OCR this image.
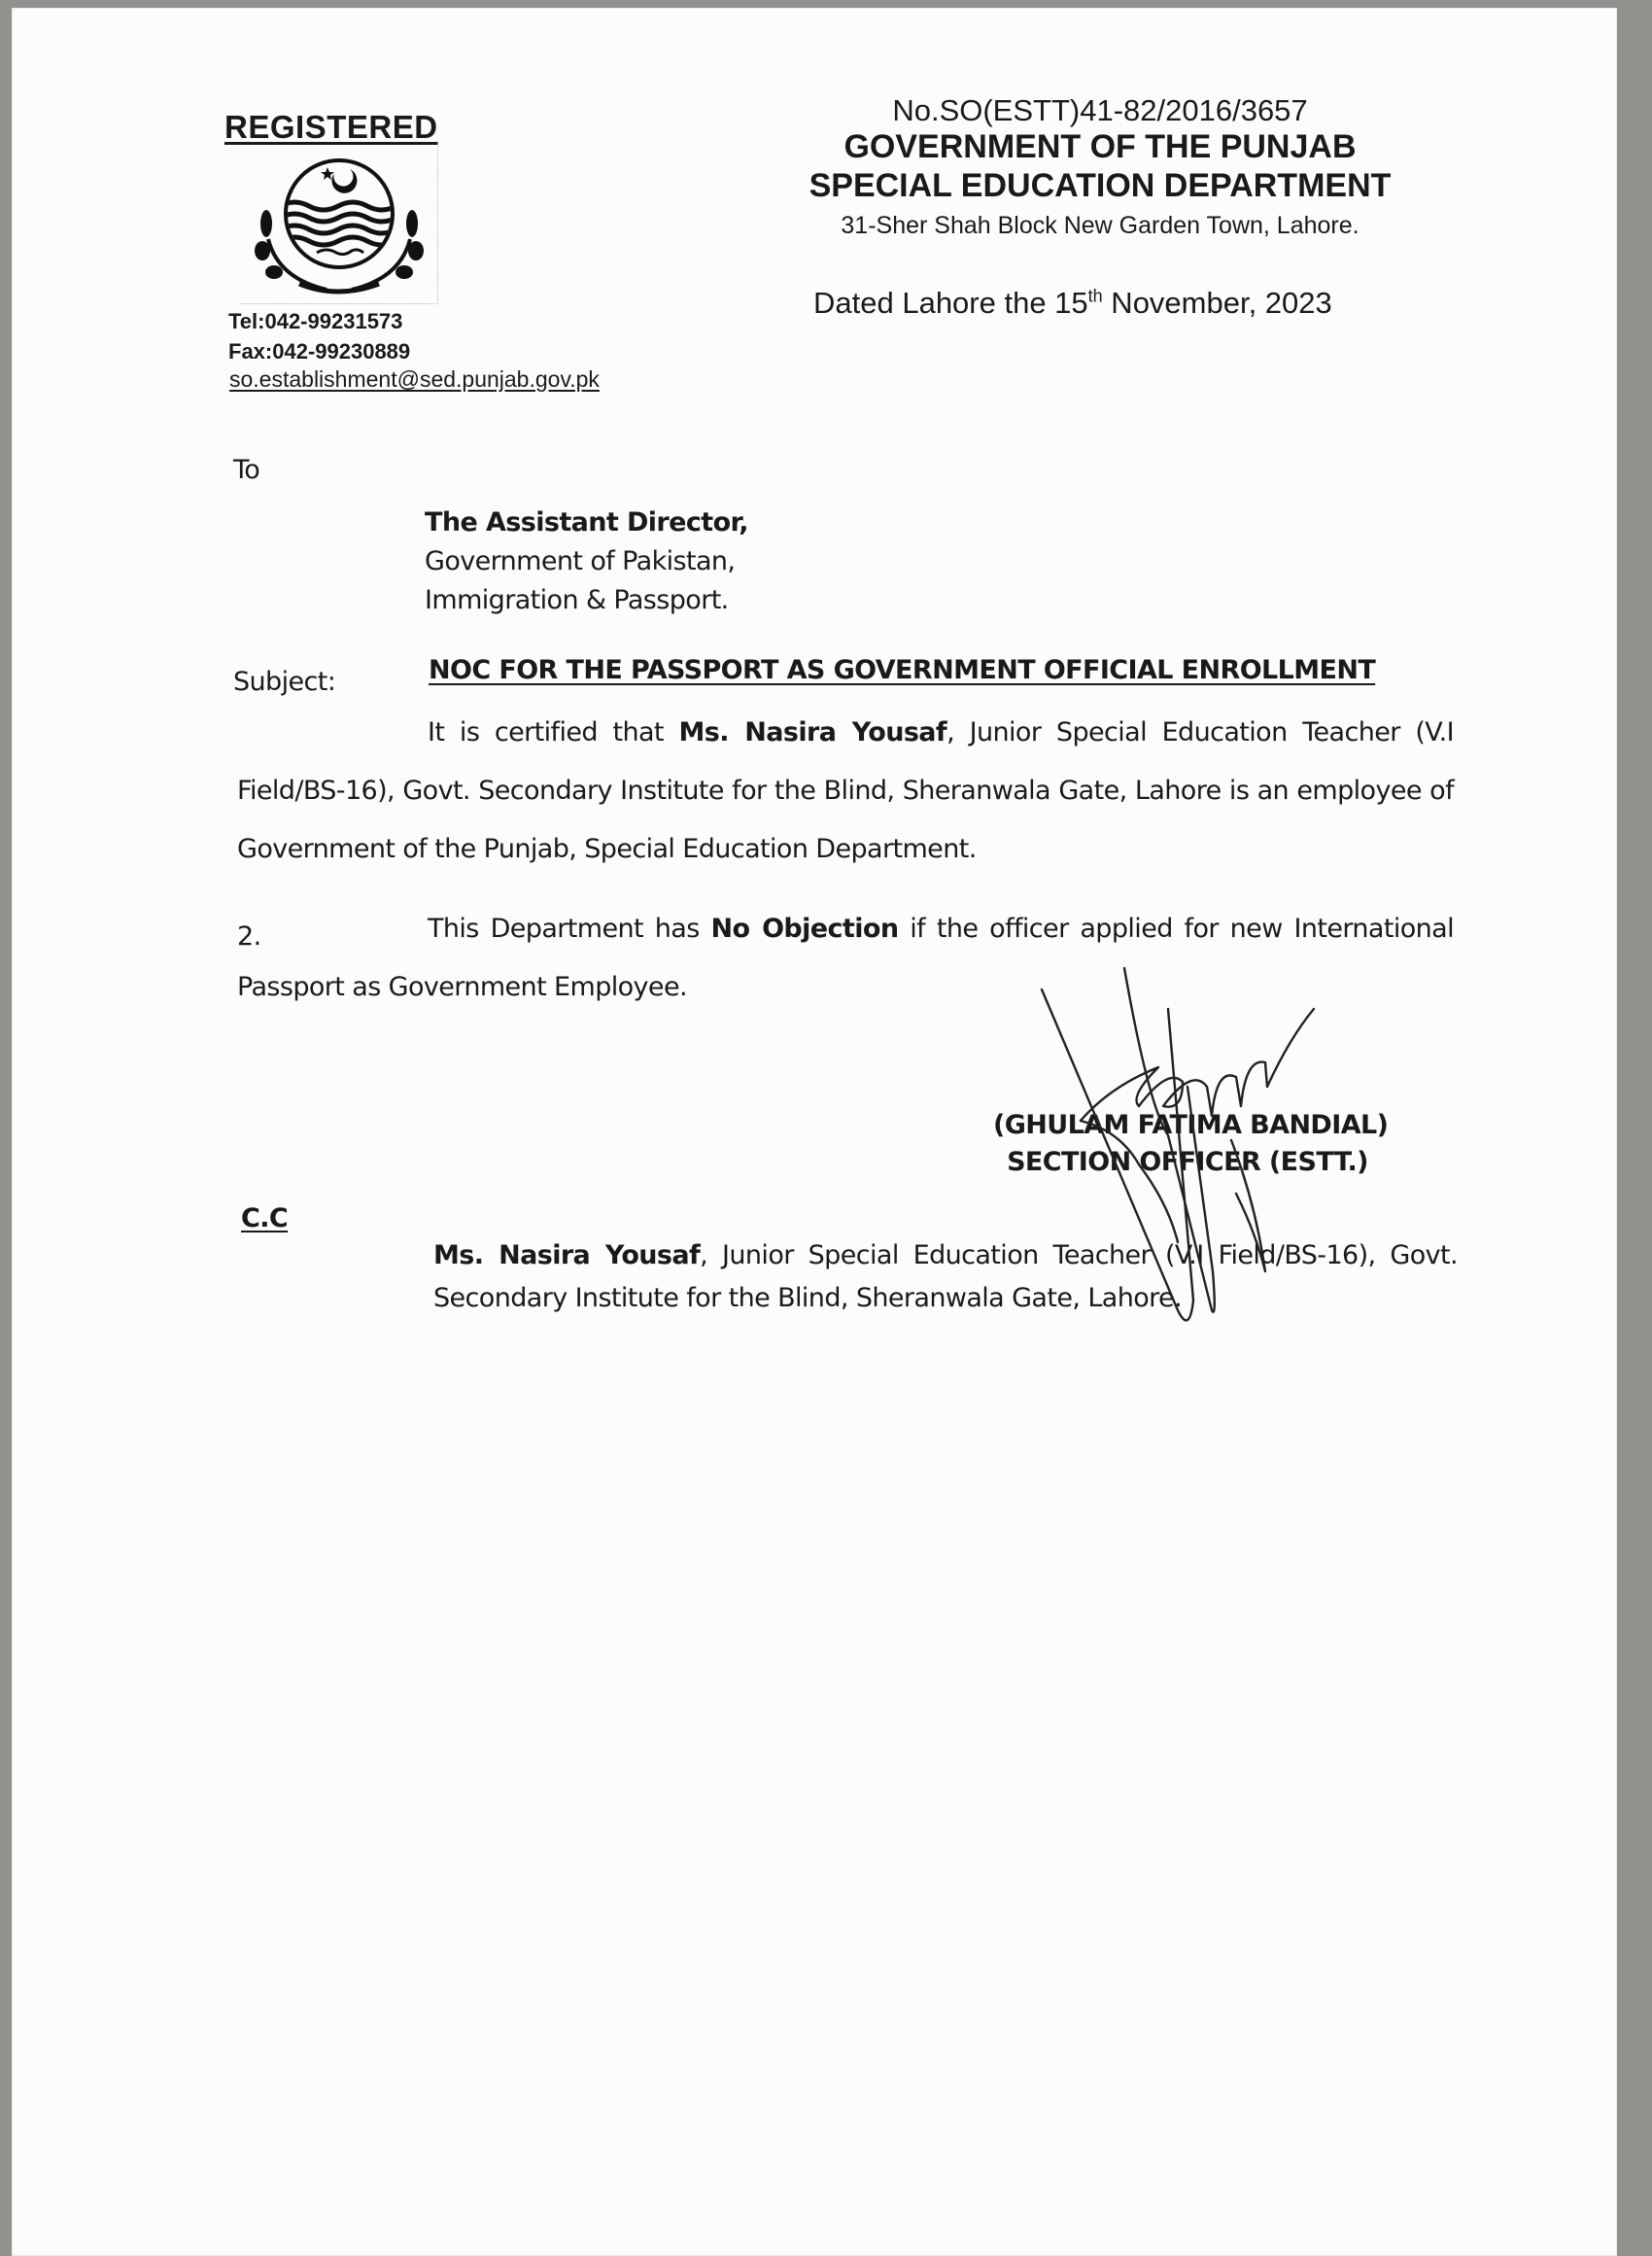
REGISTERED
Tel:042-99231573
Fax:042-99230889
so.establishment@sed.punjab.gov.pk
No.SO(ESTT)41-82/2016/3657
GOVERNMENT OF THE PUNJAB
SPECIAL EDUCATION DEPARTMENT
31-Sher Shah Block New Garden Town, Lahore.
Dated Lahore the 15th November, 2023
To
The Assistant Director,
Government of Pakistan,
Immigration & Passport.
Subject:	NOC FOR THE PASSPORT AS GOVERNMENT OFFICIAL ENROLLMENT
It is certified that Ms. Nasira Yousaf, Junior Special Education Teacher (V.I Field/BS-16), Govt. Secondary Institute for the Blind, Sheranwala Gate, Lahore is an employee of Government of the Punjab, Special Education Department.
2.	This Department has No Objection if the officer applied for new International Passport as Government Employee.
(GHULAM FATIMA BANDIAL)
SECTION OFFICER (ESTT.)
C.C
Ms. Nasira Yousaf, Junior Special Education Teacher (V.I Field/BS-16), Govt. Secondary Institute for the Blind, Sheranwala Gate, Lahore.
